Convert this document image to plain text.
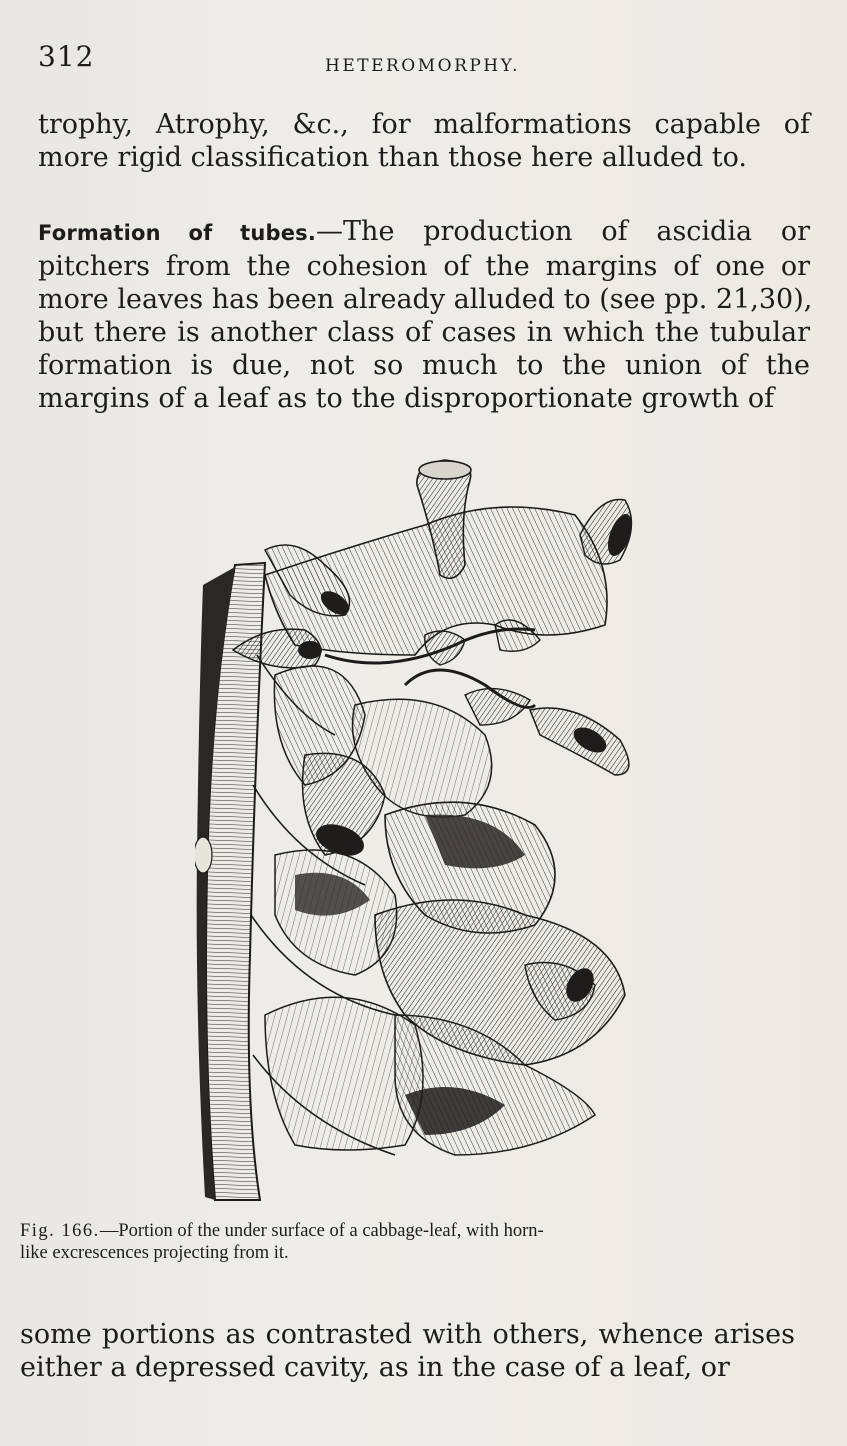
312	HETEROMORPHY.

trophy, Atrophy, &c., for malformations capable of
more rigid classification than those here alluded to.

Formation of tubes.—The production of ascidia or
pitchers from the cohesion of the margins of one or
more leaves has been already alluded to (see pp. 21,30),
but there is another class of cases in which the tubular
formation is due, not so much to the union of the
margins of a leaf as to the disproportionate growth of

Fig. 166.—Portion of the under surface of a cabbage-leaf, with horn-
like excrescences projecting from it.

some portions as contrasted with others, whence arises
either a depressed cavity, as in the case of a leaf, or
